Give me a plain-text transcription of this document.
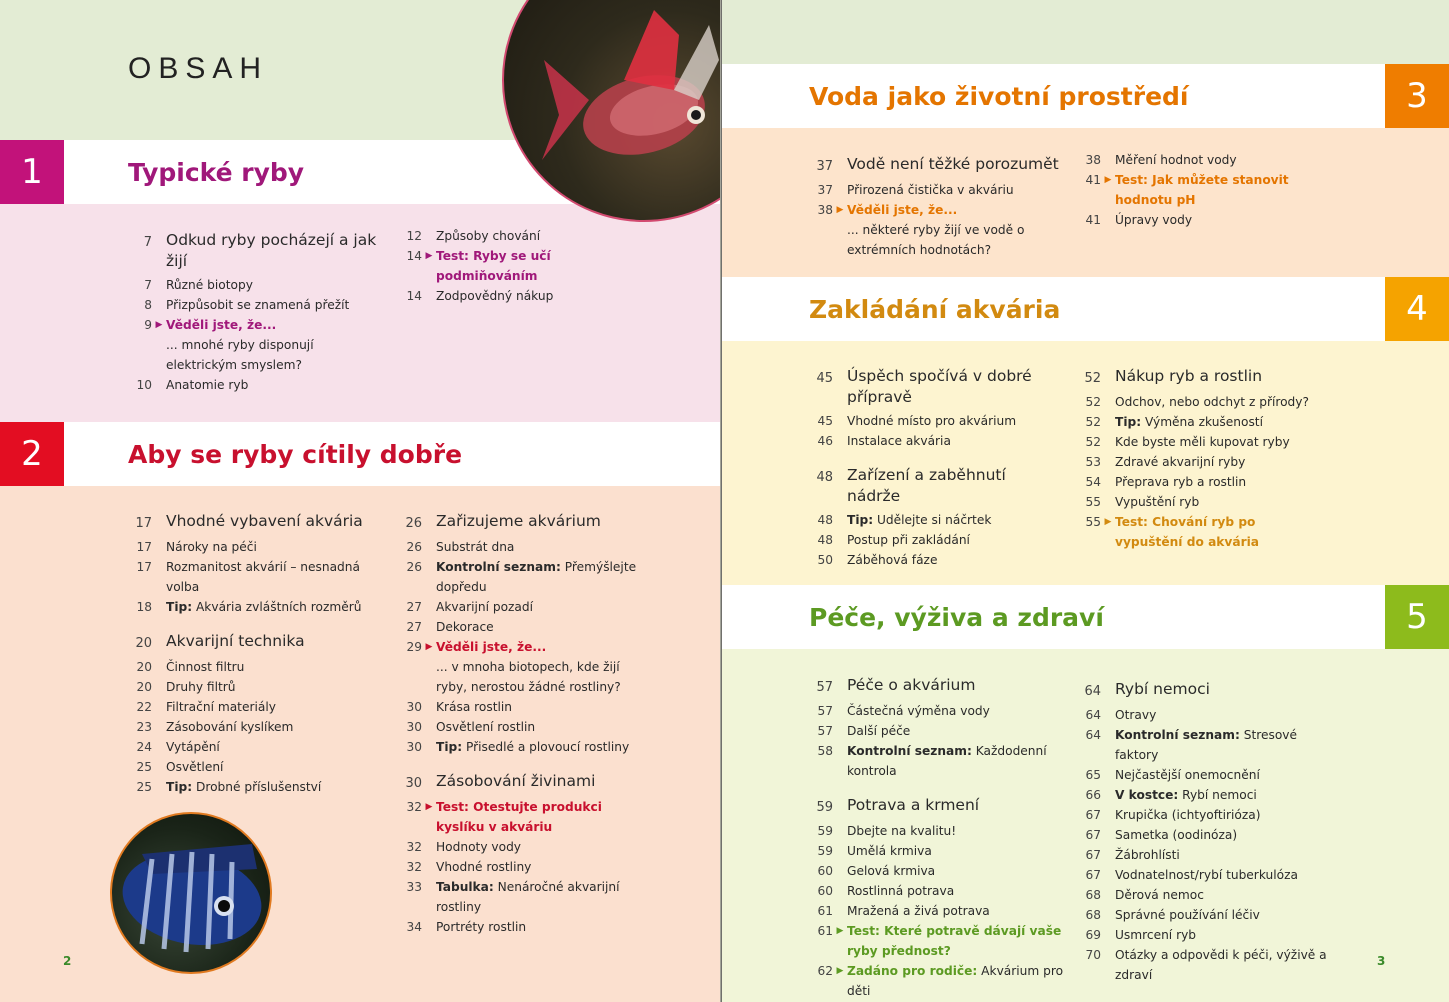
OBSAH
1	Typické ryby
7 Odkud ryby pocházejí a jak žijí
7 Různé biotopy
8 Přizpůsobit se znamená přežít
9 ▶ Věděli jste, že...
... mnohé ryby disponují elektrickým smyslem?
10 Anatomie ryb
12 Způsoby chování
14 ▶ Test: Ryby se učí podmiňováním
14 Zodpovědný nákup
2	Aby se ryby cítily dobře
17 Vhodné vybavení akvária
17 Nároky na péči
17 Rozmanitost akvárií – nesnadná volba
18 Tip: Akvária zvláštních rozměrů
20 Akvarijní technika
20 Činnost filtru
20 Druhy filtrů
22 Filtrační materiály
23 Zásobování kyslíkem
24 Vytápění
25 Osvětlení
25 Tip: Drobné příslušenství
26 Zařizujeme akvárium
26 Substrát dna
26 Kontrolní seznam: Přemýšlejte dopředu
27 Akvarijní pozadí
27 Dekorace
29 ▶ Věděli jste, že...
... v mnoha biotopech, kde žijí ryby, nerostou žádné rostliny?
30 Krása rostlin
30 Osvětlení rostlin
30 Tip: Přisedlé a plovoucí rostliny
30 Zásobování živinami
32 ▶ Test: Otestujte produkci kyslíku v akváriu
32 Hodnoty vody
32 Vhodné rostliny
33 Tabulka: Nenáročné akvarijní rostliny
34 Portréty rostlin
2
3
Voda jako životní prostředí
37 Vodě není těžké porozumět
37 Přirozená čistička v akváriu
38 ▶ Věděli jste, že...
... některé ryby žijí ve vodě o extrémních hodnotách?
38 Měření hodnot vody
41 ▶ Test: Jak můžete stanovit hodnotu pH
41 Úpravy vody
4
Zakládání akvária
45 Úspěch spočívá v dobré přípravě
45 Vhodné místo pro akvárium
46 Instalace akvária
48 Zařízení a zaběhnutí nádrže
48 Tip: Udělejte si náčrtek
48 Postup při zakládání
50 Záběhová fáze
52 Nákup ryb a rostlin
52 Odchov, nebo odchyt z přírody?
52 Tip: Výměna zkušeností
52 Kde byste měli kupovat ryby
53 Zdravé akvarijní ryby
54 Přeprava ryb a rostlin
55 Vypuštění ryb
55 ▶ Test: Chování ryb po vypuštění do akvária
5
Péče, výživa a zdraví
57 Péče o akvárium
57 Částečná výměna vody
57 Další péče
58 Kontrolní seznam: Každodenní kontrola
59 Potrava a krmení
59 Dbejte na kvalitu!
59 Umělá krmiva
60 Gelová krmiva
60 Rostlinná potrava
61 Mražená a živá potrava
61 ▶ Test: Které potravě dávají vaše ryby přednost?
62 ▶ Zadáno pro rodiče: Akvárium pro děti
64 Rybí nemoci
64 Otravy
64 Kontrolní seznam: Stresové faktory
65 Nejčastější onemocnění
66 V kostce: Rybí nemoci
67 Krupička (ichtyoftirióza)
67 Sametka (oodinóza)
67 Žábrohlísti
67 Vodnatelnost/rybí tuberkulóza
68 Děrová nemoc
68 Správné používání léčiv
69 Usmrcení ryb
70 Otázky a odpovědi k péči, výživě a zdraví
3
